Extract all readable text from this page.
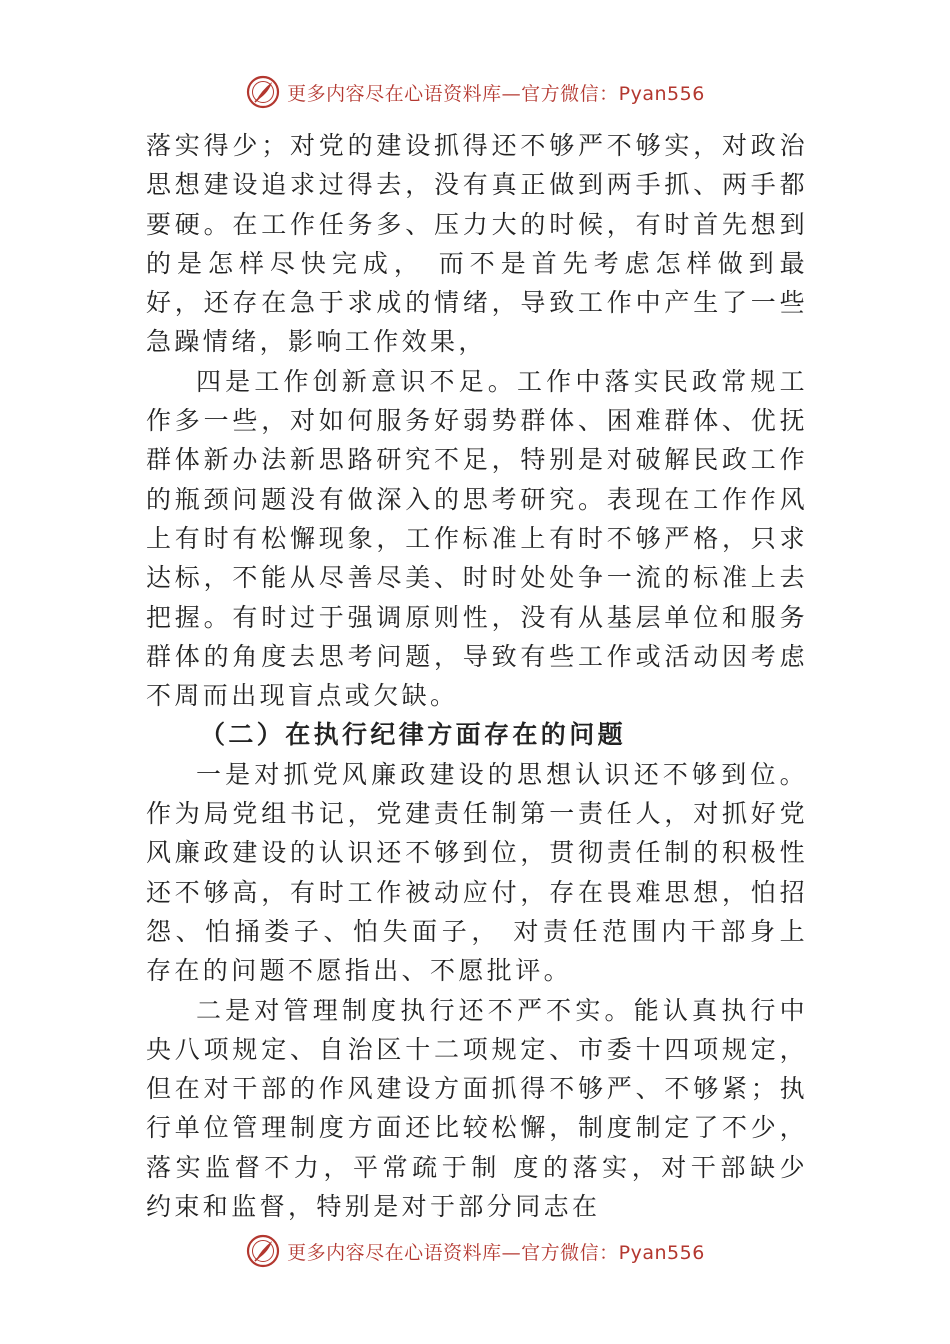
更多内容尽在心语资料库—官方微信：Pyan556

落实得少；对党的建设抓得还不够严不够实，对政治思想建设追求过得去，没有真正做到两手抓、两手都要硬。在工作任务多、压力大的时候，有时首先想到的是怎样尽快完成， 而不是首先考虑怎样做到最好，还存在急于求成的情绪，导致工作中产生了一些急躁情绪，影响工作效果，

四是工作创新意识不足。工作中落实民政常规工作多一些，对如何服务好弱势群体、困难群体、优抚群体新办法新思路研究不足，特别是对破解民政工作的瓶颈问题没有做深入的思考研究。表现在工作作风上有时有松懈现象，工作标准上有时不够严格，只求达标，不能从尽善尽美、时时处处争一流的标准上去把握。有时过于强调原则性，没有从基层单位和服务群体的角度去思考问题，导致有些工作或活动因考虑不周而出现盲点或欠缺。

（二）在执行纪律方面存在的问题

一是对抓党风廉政建设的思想认识还不够到位。作为局党组书记，党建责任制第一责任人，对抓好党风廉政建设的认识还不够到位，贯彻责任制的积极性还不够高，有时工作被动应付，存在畏难思想，怕招怨、怕捅娄子、怕失面子， 对责任范围内干部身上存在的问题不愿指出、不愿批评。

二是对管理制度执行还不严不实。能认真执行中央八项规定、自治区十二项规定、市委十四项规定，但在对干部的作风建设方面抓得不够严、不够紧；执行单位管理制度方面还比较松懈，制度制定了不少，落实监督不力，平常疏于制 度的落实，对干部缺少约束和监督，特别是对于部分同志在

更多内容尽在心语资料库—官方微信：Pyan556
